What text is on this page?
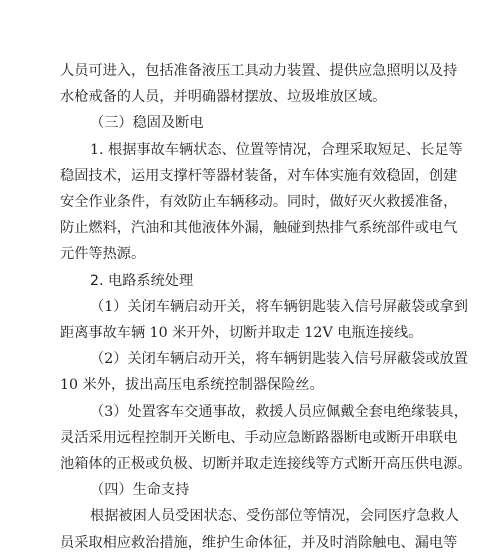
人员可进入，包括准备液压工具动力装置、提供应急照明以及持
水枪戒备的人员，并明确器材摆放、垃圾堆放区域。
（三）稳固及断电
1. 根据事故车辆状态、位置等情况，合理采取短足、长足等
稳固技术，运用支撑杆等器材装备，对车体实施有效稳固，创建
安全作业条件，有效防止车辆移动。同时，做好灭火救援准备，
防止燃料，汽油和其他液体外漏，触碰到热排气系统部件或电气
元件等热源。
2. 电路系统处理
（1）关闭车辆启动开关，将车辆钥匙装入信号屏蔽袋或拿到
距离事故车辆 10 米开外，切断并取走 12V 电瓶连接线。
（2）关闭车辆启动开关，将车辆钥匙装入信号屏蔽袋或放置
10 米外，拔出高压电系统控制器保险丝。
（3）处置客车交通事故，救援人员应佩戴全套电绝缘装具，
灵活采用远程控制开关断电、手动应急断路器断电或断开串联电
池箱体的正极或负极、切断并取走连接线等方式断开高压供电源。
（四）生命支持
根据被困人员受困状态、受伤部位等情况，会同医疗急救人
员采取相应救治措施，维护生命体征，并及时消除触电、漏电等
